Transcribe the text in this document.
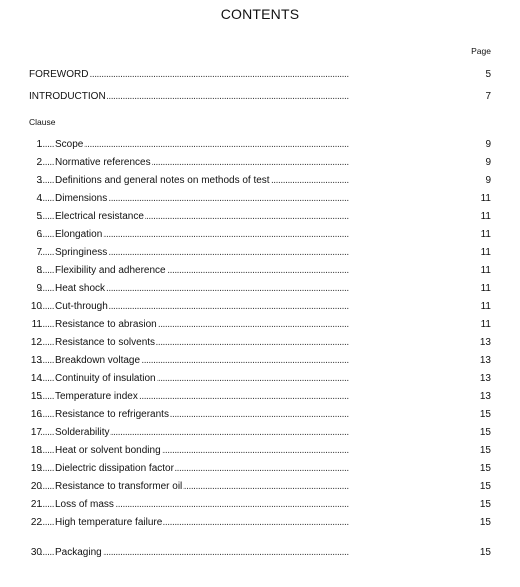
CONTENTS
Page
. . .
FOREWORD	5
. . .
INTRODUCTION	7
Clause
1 . . . Scope	9
2 . . . Normative references	9
3 . . . Definitions and general notes on methods of test	9
4 . . . Dimensions	11
5 . . . Electrical resistance	11
6 . . . Elongation	11
7 . . . Springiness	11
8 . . . Flexibility and adherence	11
9 . . . Heat shock	11
10 . . . Cut-through	11
11 . . . Resistance to abrasion	11
12 . . . Resistance to solvents	13
13 . . . Breakdown voltage	13
14 . . . Continuity of insulation	13
15 . . . Temperature index	13
16 . . . Resistance to refrigerants	15
17 . . . Solderability	15
18 . . . Heat or solvent bonding	15
19 . . . Dielectric dissipation factor	15
20 . . . Resistance to transformer oil	15
21 . . . Loss of mass	15
22 . . . High temperature failure	15
30 . . . Packaging	15
